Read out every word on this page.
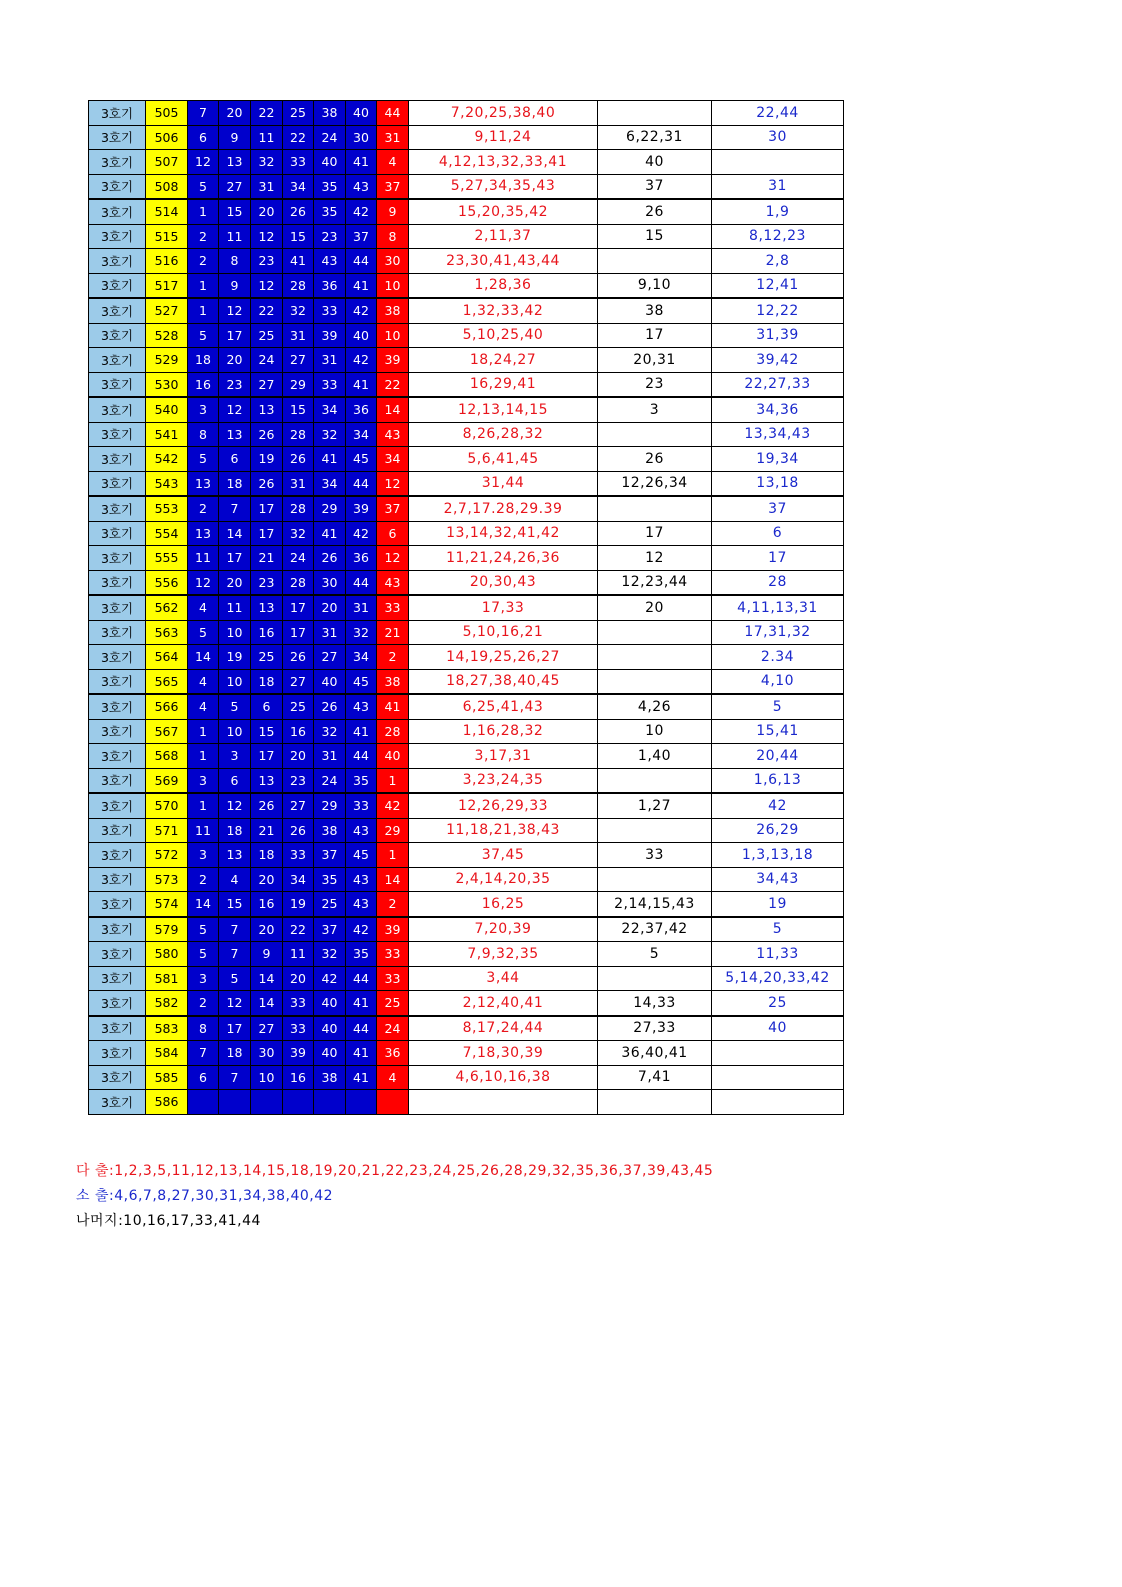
3호기	505	7	20	22	25	38	40	44	7,20,25,38,40		22,44
3호기	506	6	9	11	22	24	30	31	9,11,24	6,22,31	30
3호기	507	12	13	32	33	40	41	4	4,12,13,32,33,41	40	
3호기	508	5	27	31	34	35	43	37	5,27,34,35,43	37	31
3호기	514	1	15	20	26	35	42	9	15,20,35,42	26	1,9
3호기	515	2	11	12	15	23	37	8	2,11,37	15	8,12,23
3호기	516	2	8	23	41	43	44	30	23,30,41,43,44		2,8
3호기	517	1	9	12	28	36	41	10	1,28,36	9,10	12,41
3호기	527	1	12	22	32	33	42	38	1,32,33,42	38	12,22
3호기	528	5	17	25	31	39	40	10	5,10,25,40	17	31,39
3호기	529	18	20	24	27	31	42	39	18,24,27	20,31	39,42
3호기	530	16	23	27	29	33	41	22	16,29,41	23	22,27,33
3호기	540	3	12	13	15	34	36	14	12,13,14,15	3	34,36
3호기	541	8	13	26	28	32	34	43	8,26,28,32		13,34,43
3호기	542	5	6	19	26	41	45	34	5,6,41,45	26	19,34
3호기	543	13	18	26	31	34	44	12	31,44	12,26,34	13,18
3호기	553	2	7	17	28	29	39	37	2,7,17.28,29.39		37
3호기	554	13	14	17	32	41	42	6	13,14,32,41,42	17	6
3호기	555	11	17	21	24	26	36	12	11,21,24,26,36	12	17
3호기	556	12	20	23	28	30	44	43	20,30,43	12,23,44	28
3호기	562	4	11	13	17	20	31	33	17,33	20	4,11,13,31
3호기	563	5	10	16	17	31	32	21	5,10,16,21		17,31,32
3호기	564	14	19	25	26	27	34	2	14,19,25,26,27		2.34
3호기	565	4	10	18	27	40	45	38	18,27,38,40,45		4,10
3호기	566	4	5	6	25	26	43	41	6,25,41,43	4,26	5
3호기	567	1	10	15	16	32	41	28	1,16,28,32	10	15,41
3호기	568	1	3	17	20	31	44	40	3,17,31	1,40	20,44
3호기	569	3	6	13	23	24	35	1	3,23,24,35		1,6,13
3호기	570	1	12	26	27	29	33	42	12,26,29,33	1,27	42
3호기	571	11	18	21	26	38	43	29	11,18,21,38,43		26,29
3호기	572	3	13	18	33	37	45	1	37,45	33	1,3,13,18
3호기	573	2	4	20	34	35	43	14	2,4,14,20,35		34,43
3호기	574	14	15	16	19	25	43	2	16,25	2,14,15,43	19
3호기	579	5	7	20	22	37	42	39	7,20,39	22,37,42	5
3호기	580	5	7	9	11	32	35	33	7,9,32,35	5	11,33
3호기	581	3	5	14	20	42	44	33	3,44		5,14,20,33,42
3호기	582	2	12	14	33	40	41	25	2,12,40,41	14,33	25
3호기	583	8	17	27	33	40	44	24	8,17,24,44	27,33	40
3호기	584	7	18	30	39	40	41	36	7,18,30,39	36,40,41	
3호기	585	6	7	10	16	38	41	4	4,6,10,16,38	7,41	
3호기	586										
다 출:1,2,3,5,11,12,13,14,15,18,19,20,21,22,23,24,25,26,28,29,32,35,36,37,39,43,45
소 출:4,6,7,8,27,30,31,34,38,40,42
나머지:10,16,17,33,41,44
